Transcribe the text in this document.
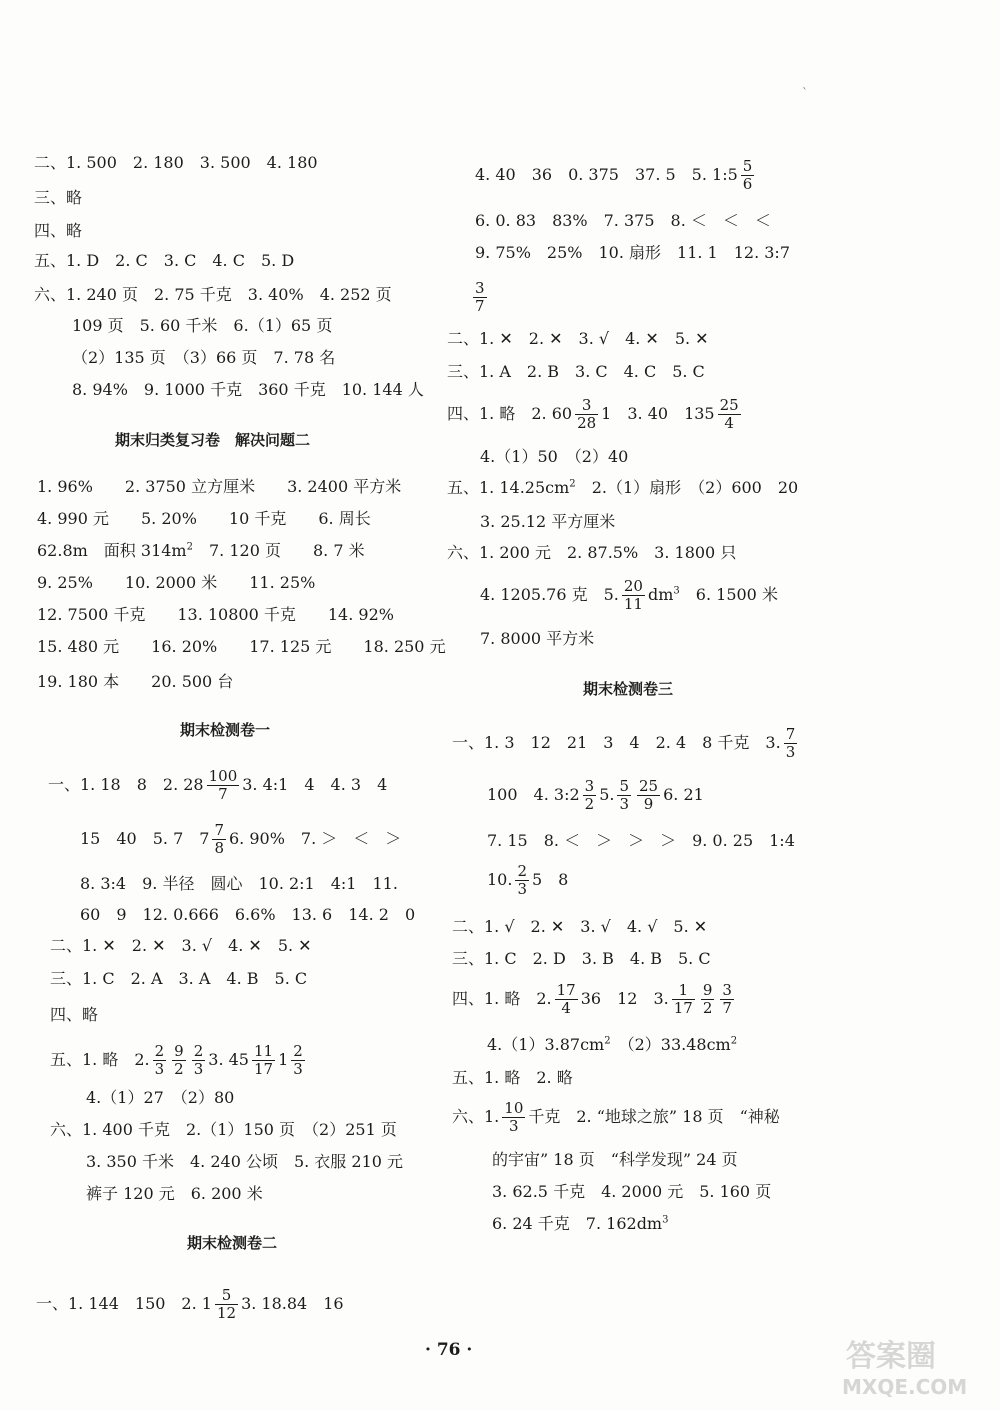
二、1. 500　2. 180　3. 500　4. 180
三、略
四、略
五、1. D　2. C　3. C　4. C　5. D
六、1. 240 页　2. 75 千克　3. 40%　4. 252 页
109 页　5. 60 千米　6.（1）65 页
（2）135 页　（3）66 页　7. 78 名
8. 94%　9. 1000 千克　360 千克　10. 144 人
期末归类复习卷　解决问题二
1. 96%　　2. 3750 立方厘米　　3. 2400 平方米
4. 990 元　　5. 20%　　10 千克　　6. 周长
62.8m　面积 $314m^2$　 7. 120 页　　8. 7 米
9. 25%　　10. 2000 米　　11. 25%
12. 7500 千克　　13. 10800 千克　　14. 92%
15. 480 元　　16. 20%　　17. 125 元　　18. 250 元
19. 180 本　　20. 500 台
期末检测卷一
一、1. 18　8　2. $28 \frac{100}{7} 3$. 4:1　4　4. 3　4
15　40　5. 7　$7 \frac{7}{8} 6$. 90%　7. ＞　＜　＞
8. 3:4　9. 半径　圆心　10. 2:1　4:1　11.
60　9　12. 0.666　6.6%　13. 6　14. 2　0
二、1. ✕　2. ✕　3. √　4. ✕　5. ✕
三、1. C　2. A　3. A　4. B　5. C
四、略
五、1. 略　2. $\frac{2}{3} \frac{9}{2} \frac{2}{3} 3$. $45 \frac{11}{17} 1 \frac{2}{3}$
4.（1）27　（2）80
六、1. 400 千克　2.（1）150 页　（2）251 页
3. 350 千米　4. 240 公顷　5. 衣服 210 元
裤子 120 元　6. 200 米
期末检测卷二
一、1. 144　150　2. $1 \frac{5}{12} 3$. 18.84　16
4. 40　36　0. 375　37. 5　5. 1:5 $\frac{5}{6}$
6. 0. 83　83%　7. 375　8. ＜　＜　＜
9. 75%　25%　10. 扇形　11. 1　12. 3:7
$\frac{3}{7}$
二、1. ✕　2. ✕　3. √　4. ✕　5. ✕
三、1. A　2. B　3. C　4. C　5. C
四、1. 略　2. $60 \frac{3}{28} 1$　3. 40　$135 \frac{25}{4}$
4.（1）50　（2）40
五、1. $14.25cm^2$　 2.（1）扇形　（2）600　20
3. 25.12 平方厘米
六、1. 200 元　2. 87.5%　3. 1800 只
4. 1205.76 克　5. $\frac{20}{11} dm^3$　 6. 1500 米
7. 8000 平方米
期末检测卷三
一、1. 3　12　21　3　4　2. 4　8 千克　3. $\frac{7}{3}$
100　4. 3:2 $\frac{3}{2} 5$. $\frac{5}{3} \frac{25}{9} 6$. 21
7. 15　8. ＜　＞　＞　＞　9. 0. 25　1:4
10. $\frac{2}{3} 5$　8
二、1. √　2. ✕　3. √　4. √　5. ✕
三、1. C　2. D　3. B　4. B　5. C
四、1. 略　2. $\frac{17}{4} 36$　12　3. $\frac{1}{17} \frac{9}{2} \frac{3}{7}$
$4.(1)3.87cm^2$　 $(2)33.48cm^2$
五、1. 略　2. 略
六、1. $\frac{10}{3}$ 千克　2. “地球之旅” 18 页　“神秘
的宇宙” 18 页　“科学发现” 24 页
3. 62.5 千克　4. 2000 元　5. 160 页
6. 24 千克　7. $162dm^3$
`
· 76 ·	答案圈
MXQE.COM
